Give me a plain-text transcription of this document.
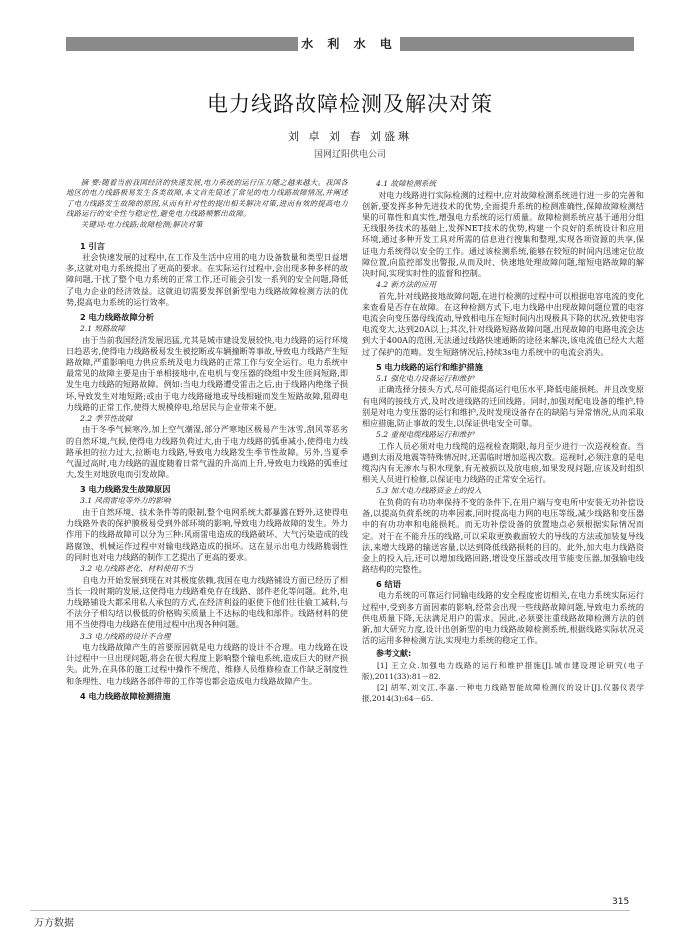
水 利 水 电
电力线路故障检测及解决对策
刘 卓 刘 春 刘盛琳
国网辽阳供电公司

摘 要:随着当前我国经济的快速发展,电力系统的运行压力随之越来越大。我国各地区的电力线路极易发生各类故障,本文首先简述了常见的电力线路故障情况,并阐述了电力线路发生故障的原因,从而有针对性的提出相关解决对策,进而有效的提高电力线路运行的安全性与稳定性,避免电力线路频繁出故障。

关键词:电力线路;故障检测;解决对策

1 引言

社会快速发展的过程中,在工作及生活中应用的电力设备数量和类型日益增多,这就对电力系统提出了更高的要求。在实际运行过程中,会出现多种多样的故障问题,干扰了整个电力系统的正常工作,还可能会引发一系列的安全问题,降低了电力企业的经济效益。这就迫切需要发挥创新型电力线路故障检测方法的优势,提高电力系统的运行效率。

2 电力线路故障分析
2.1 短路故障

由于当前我国经济发展迅猛,尤其是城市建设发展较快,电力线路的运行环境日趋恶劣,使得电力线路极易发生被挖断或车辆撞断等事故,导致电力线路产生短路故障,严重影响电力供应系统及电力线路的正常工作与安全运行。电力系统中最常见的故障主要是由于单相接地中,在电机与变压器的绕组中发生匝间短路,即发生电力线路的短路故障。例如:当电力线路遭受雷击之后,由于线路内绝缘子损坏,导致发生对地短路;或由于电力线路碰地或导线相碰而发生短路故障,阻碍电力线路的正常工作,使得大规模停电,给居民与企业带来不便。

2.2 季节性故障

由于冬季气候寒冷,加上空气潮湿,部分严寒地区极易产生冰雪,刮风等恶劣的自然环境,气候,使得电力线路负荷过大,由于电力线路的弧垂减小,使得电力线路承担的拉力过大,拉断电力线路,导致电力线路发生季节性故障。另外,当夏季气温过高时,电力线路的温度随着日常气温的升高而上升,导致电力线路的弧垂过大,发生对地放电而引发故障。

3 电力线路发生故障原因
3.1 风雨雷电等外力的影响

由于自然环境、技术条件等的限制,整个电网系统大都暴露在野外,这使得电力线路外表的保护膜极易受到外部环境的影响,导致电力线路故障的发生。外力作用下的线路故障可以分为三种:风雨雷电造成的线路破坏、大气污染造成的线路腐蚀、机械运作过程中对输电线路造成的损坏。这在显示出电力线路脆弱性的同时也对电力线路的制作工艺提出了更高的要求。

3.2 电力线路老化、材料使用不当

自电力开始发展到现在对其极度依赖,我国在电力线路铺设方面已经历了相当长一段时期的发展,这使得电力线路难免存在线路、部件老化等问题。此外,电力线路铺设大都采用私人承包的方式,在经济利益的驱使下他们往往偷工减料,与不法分子相勾结以极低的价格购买质量上不达标的电线和部件。线路材料的使用不当使得电力线路在使用过程中出现各种问题。

3.3 电力线路的设计不合理

电力线路故障产生的首要原因就是电力线路的设计不合理。电力线路在设计过程中一旦出现问题,将会在很大程度上影响整个输电系统,造成巨大的财产损失。此外,在具体的施工过程中操作不规范、维修人员维修检查工作缺乏制度性和条理性、电力线路各部件带的工作等也都会造成电力线路故障产生。

4 电力线路故障检测措施
4.1 故障检测系统

对电力线路进行实际检测的过程中,应对故障检测系统进行进一步的完善和创新,要发挥多种先进技术的优势,全面提升系统的检测准确性,保障故障检测结果的可靠性和真实性,增强电力系统的运行质量。故障检测系统应基于通用分组无线服务技术的基础上,发挥NET技术的优势,构建一个良好的系统设计和应用环境,通过多种开发工具对所需的信息进行搜集和整理,实现各项资源的共享,保证电力系统得以安全的工作。通过该检测系统,能够在较短的时间内迅速定位故障位置,向监控部发出警报,从而及时、快速地处理故障问题,缩短电路故障的解决时间,实现实时性的监督和控制。

4.2 新方法的应用

首先,针对线路接地故障问题,在进行检测的过程中可以根据电容电流的变化来查看是否存在故障。在这种检测方式下,电力线路中出现故障问题位置的电容电流会向变压器母线流动,导致相电压在短时间内出现极具下降的状况,致使电容电流变大,达到20A以上;其次,针对线路短路故障问题,出现故障的电路电流会达到大于400A的范围,无法通过线路快速通断的途径来解决,该电流值已经大大超过了保护的范畴。发生短路情况后,持续3s电力系统中的电流会消失。

5 电力线路的运行和维护措施
5.1 强化电力设备运行和维护

正确选择分接头方式,尽可能提高运行电压水平,降低电能损耗。并且改变原有电网的接线方式,及时改进线路的迁回线路。同时,加强对配电设备的维护,特别是对电力变压器的运行和维护,及时发现设备存在的缺陷与异常情况,从而采取相应措施,防止事故的发生,以保证供电安全可靠。

5.2 重视电缆线路运行和维护

工作人员必须对电力线缆的巡视检查期限,每月至少进行一次巡视检查。当遇到大雨及地震等特殊情况时,还需临时增加巡视次数。巡视时,必须注意的是电缆沟内有无渗水与积水现象,有无被损以及放电痕,如果发现问题,应该及时组织相关人员进行检修,以保证电力线路的正常安全运行。

5.3 加大电力线路资金上的投入

在负荷的有功功率保持不变的条件下,在用户端与变电所中安装无功补偿设备,以提高负荷系统的功率因素,同时提高电力网的电压等级,减少线路和变压器中的有功功率和电能损耗。而无功补偿设备的放置地点必须根据实际情况而定。对于在不能升压的线路,可以采取更换截面较大的导线的方法或加装复导线法,来增大线路的输送容量,以达到降低线路损耗的目的。此外,加大电力线路资金上的投入后,还可以增加线路回路,增设变压器或改用节能变压器,加强输电线路结构的完整性。

6 结语

电力系统的可靠运行同输电线路的安全程度密切相关,在电力系统实际运行过程中,受到多方面因素的影响,经常会出现一些线路故障问题,导致电力系统的供电质量下降,无法满足用户的需求。因此,必须要注重线路故障检测方法的创新,加大研究力度,设计出创新型的电力线路故障检测系统,根据线路实际状况灵活的运用多种检测方法,实现电力系统的稳定工作。

参考文献:

[1] 王立众.加强电力线路的运行和维护措施[J].城市建设理论研究(电子版),2011(33):81－82.

[2] 胡军,刘文江,李嘉.一种电力线路智能故障检测仪的设计[J].仪器仪表学报,2014(3):64－65.

315
万方数据
